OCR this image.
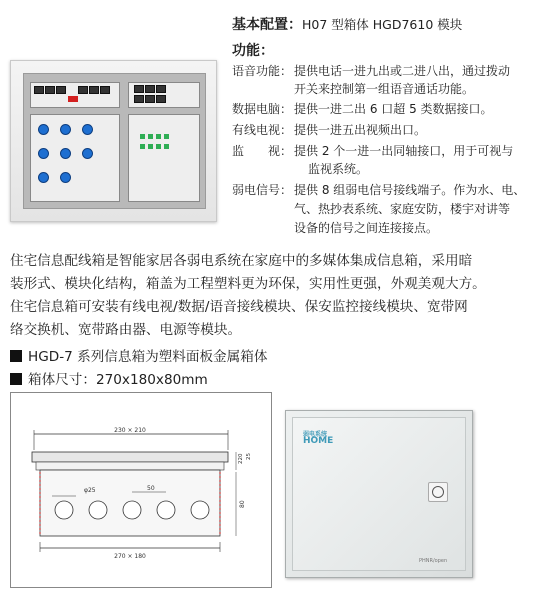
基本配置：H07 型箱体 HGD7610 模块
功能：
语音功能： 提供电话一进九出或二进八出，通过拨动
开关来控制第一组语音通话功能。
数据电脑： 提供一进二出 6 口超 5 类数据接口。
有线电视： 提供一进五出视频出口。
监　　视： 提供 2 个一进一出同轴接口，用于可视与
监视系统。
弱电信号： 提供 8 组弱电信号接线端子。作为水、电、
气、热抄表系统、家庭安防，楼宇对讲等
设备的信号之间连接接点。
住宅信息配线箱是智能家居各弱电系统在家庭中的多媒体集成信息箱，采用暗
装形式、模块化结构，箱盖为工程塑料更为环保，实用性更强，外观美观大方。
住宅信息箱可安装有线电视/数据/语音接线模块、保安监控接线模块、宽带网
络交换机、宽带路由器、电源等模块。
HGD-7 系列信息箱为塑料面板金属箱体
箱体尺寸：270x180x80mm
230 × 210
φ25	50
220 25
80
270 × 180
弱电系统
HOME
PHNR/open
